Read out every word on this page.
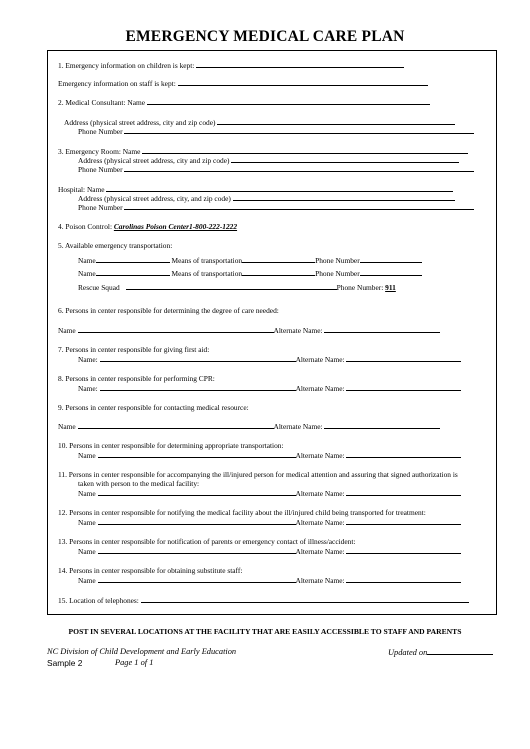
EMERGENCY MEDICAL CARE PLAN
1. Emergency information on children is kept:
Emergency information on staff is kept:
2. Medical Consultant: Name
Address (physical street address, city and zip code)
Phone Number
3. Emergency Room: Name
Address (physical street address, city and zip code)
Phone Number
Hospital: Name
Address (physical street address, city, and zip code)
Phone Number
4. Poison Control: Carolinas Poison Center1-800-222-1222
5. Available emergency transportation:
Name	Means of transportation	Phone Number
Name	Means of transportation	Phone Number
Rescue Squad	Phone Number: 911
6. Persons in center responsible for determining the degree of care needed:
Name	Alternate Name:
7. Persons in center responsible for giving first aid:
Name:	Alternate Name:
8. Persons in center responsible for performing CPR:
Name:	Alternate Name:
9. Persons in center responsible for contacting medical resource:
Name	Alternate Name:
10. Persons in center responsible for determining appropriate transportation:
Name	Alternate Name:
11. Persons in center responsible for accompanying the ill/injured person for medical attention and assuring that signed authorization is
taken with person to the medical facility:
Name	Alternate Name:
12. Persons in center responsible for notifying the medical facility about the ill/injured child being transported for treatment:
Name	Alternate Name:
13. Persons in center responsible for notification of parents or emergency contact of illness/accident:
Name	Alternate Name:
14. Persons in center responsible for obtaining substitute staff:
Name	Alternate Name:
15. Location of telephones:
POST IN SEVERAL LOCATIONS AT THE FACILITY THAT ARE EASILY ACCESSIBLE TO STAFF AND PARENTS
NC Division of Child Development and Early Education	Updated on
Sample 2	Page 1 of 1
